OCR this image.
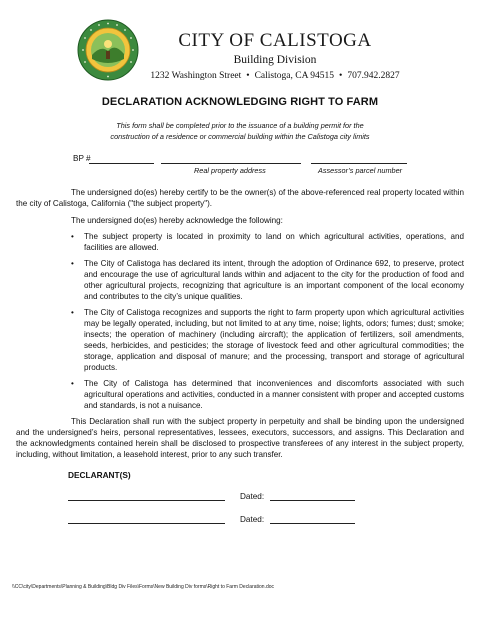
CITY OF CALISTOGA
Building Division
1232 Washington Street • Calistoga, CA 94515 • 707.942.2827
DECLARATION ACKNOWLEDGING RIGHT TO FARM
This form shall be completed prior to the issuance of a building permit for the
construction of a residence or commercial building within the Calistoga city limits
BP #
Real property address	Assessor’s parcel number

The undersigned do(es) hereby certify to be the owner(s) of the above-referenced real property located within the city of Calistoga, California ("the subject property").

The undersigned do(es) hereby acknowledge the following:

• The subject property is located in proximity to land on which agricultural activities, operations, and facilities are allowed.
• The City of Calistoga has declared its intent, through the adoption of Ordinance 692, to preserve, protect and encourage the use of agricultural lands within and adjacent to the city for the production of food and other agricultural projects, recognizing that agriculture is an important component of the local economy and contributes to the city’s unique qualities.
• The City of Calistoga recognizes and supports the right to farm property upon which agricultural activities may be legally operated, including, but not limited to at any time, noise; lights, odors; fumes; dust; smoke; insects; the operation of machinery (including aircraft); the application of fertilizers, soil amendments, seeds, herbicides, and pesticides; the storage of livestock feed and other agricultural commodities; the storage, application and disposal of manure; and the processing, transport and storage of agricultural products.
• The City of Calistoga has determined that inconveniences and discomforts associated with such agricultural operations and activities, conducted in a manner consistent with proper and accepted customs and standards, is not a nuisance.

This Declaration shall run with the subject property in perpetuity and shall be binding upon the undersigned and the undersigned’s heirs, personal representatives, lessees, executors, successors, and assigns. This Declaration and the acknowledgments contained herein shall be disclosed to prospective transferees of any interest in the subject property, including, without limitation, a leasehold interest, prior to any such transfer.

DECLARANT(S)
Dated:
Dated:
\\CC\city\Departments\Planning & Building\Bldg Div Files\Forms\New Building Div forms\Right to Farm Declaration.doc
